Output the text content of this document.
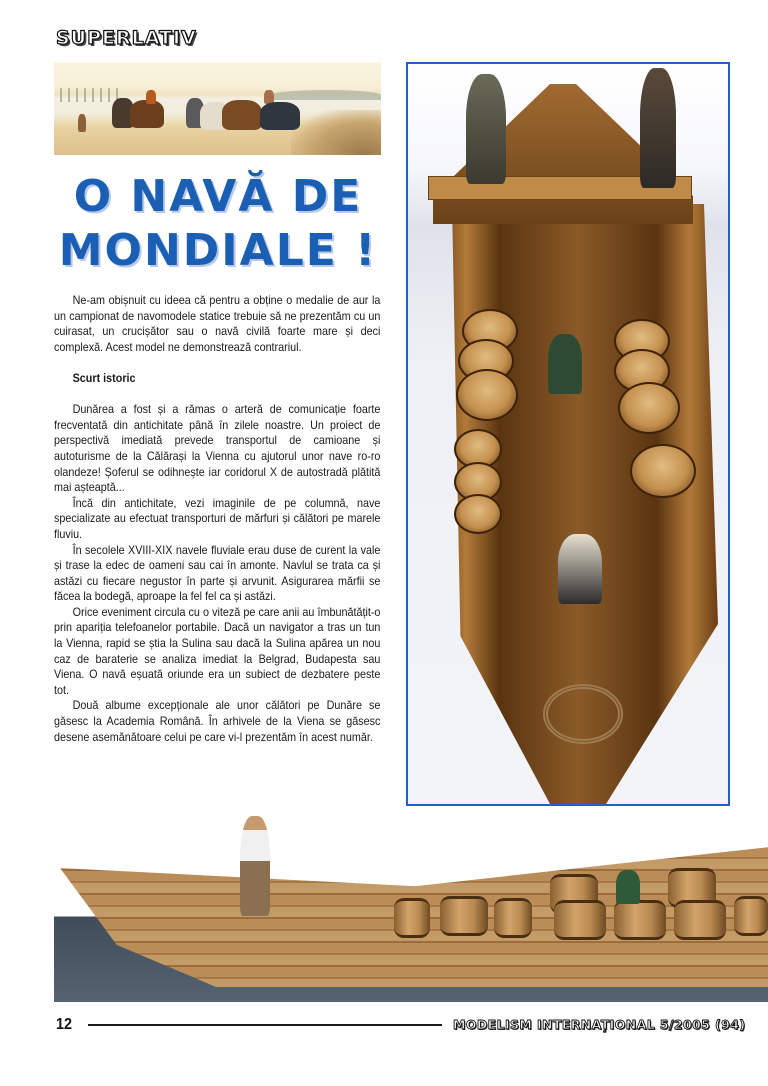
SUPERLATIV
O NAVĂ DE
MONDIALE !

Ne-am obișnuit cu ideea că pentru a obține o medalie de aur la un campionat de navomodele statice trebuie să ne prezentăm cu un cuirasat, un crucișător sau o navă civilă foarte mare și deci complexă. Acest model ne demonstrează contrariul.

Scurt istoric

Dunărea a fost și a rămas o arteră de comunicație foarte frecventată din antichitate până în zilele noastre. Un proiect de perspectivă imediată prevede transportul de camioane și autoturisme de la Călărași la Vienna cu ajutorul unor nave ro-ro olandeze! Șoferul se odihnește iar coridorul X de autostradă plătită mai așteaptă...

Încă din antichitate, vezi imaginile de pe columnă, nave specializate au efectuat transporturi de mărfuri și călători pe marele fluviu.

În secolele XVIII-XIX navele fluviale erau duse de curent la vale și trase la edec de oameni sau cai în amonte. Navlul se trata ca și astăzi cu fiecare negustor în parte și arvunit. Asigurarea mărfii se făcea la bodegă, aproape la fel fel ca și astăzi.

Orice eveniment circula cu o viteză pe care anii au îmbunătățit-o prin apariția telefoanelor portabile. Dacă un navigator a tras un tun la Vienna, rapid se știa la Sulina sau dacă la Sulina apărea un nou caz de baraterie se analiza imediat la Belgrad, Budapesta sau Viena. O navă eșuată oriunde era un subiect de dezbatere peste tot.

Două albume excepționale ale unor călători pe Dunăre se găsesc la Academia Română. În arhivele de la Viena se găsesc desene asemănătoare celui pe care vi-l prezentăm în acest număr.

12	MODELISM INTERNAȚIONAL 5/2005 (94)
